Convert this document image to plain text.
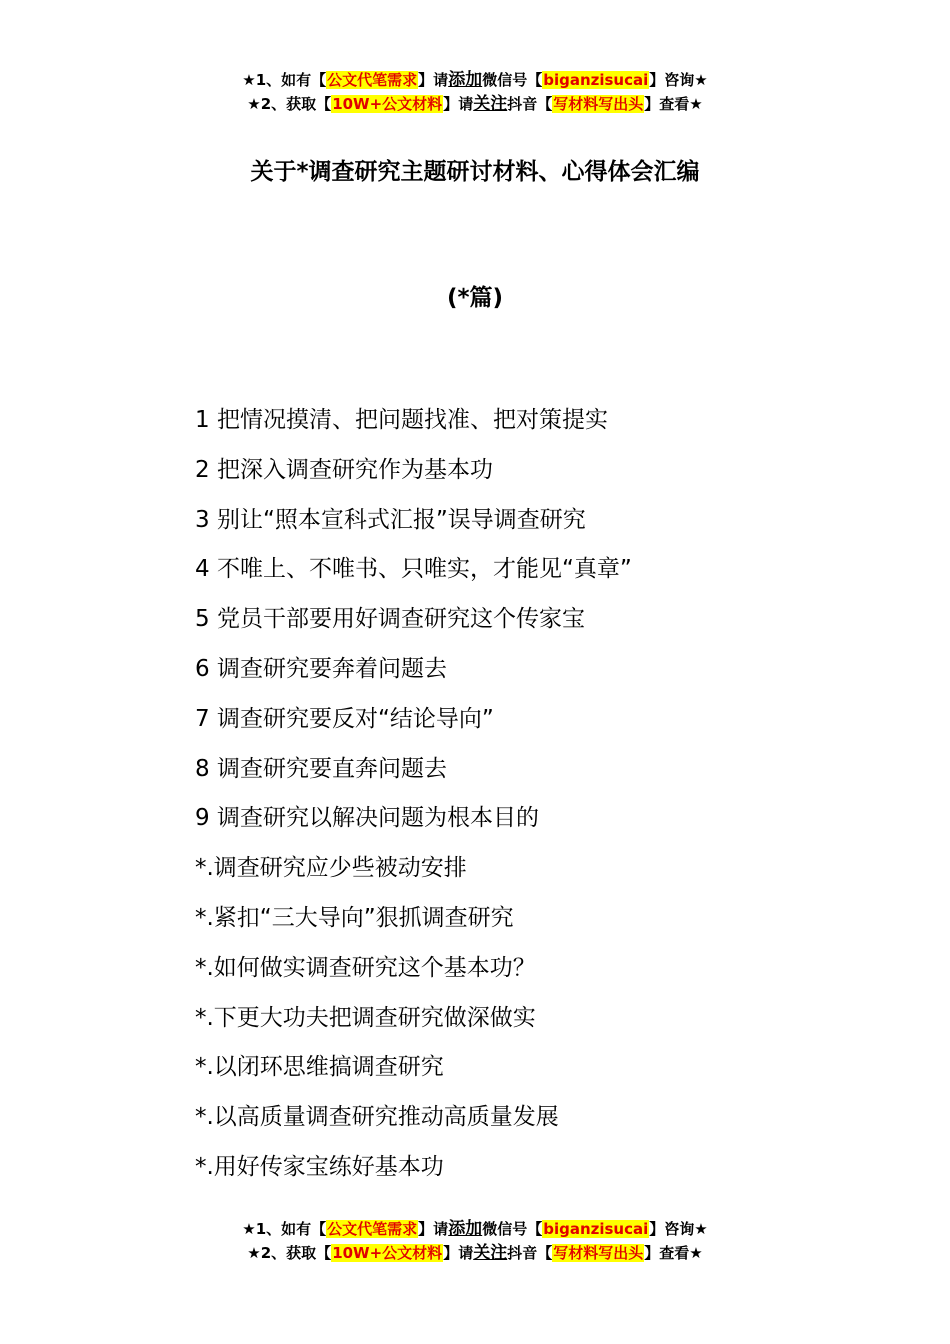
★1、如有【公文代笔需求】请添加微信号【biganzisucai】咨询★
★2、获取【10W+公文材料】请关注抖音【写材料写出头】查看★
关于*调查研究主题研讨材料、心得体会汇编
(*篇)
1 把情况摸清、把问题找准、把对策提实
2 把深入调查研究作为基本功
3 别让“照本宣科式汇报”误导调查研究
4 不唯上、不唯书、只唯实，才能见“真章”
5 党员干部要用好调查研究这个传家宝
6 调查研究要奔着问题去
7 调查研究要反对“结论导向”
8 调查研究要直奔问题去
9 调查研究以解决问题为根本目的
*.调查研究应少些被动安排
*.紧扣“三大导向”狠抓调查研究
*.如何做实调查研究这个基本功？
*.下更大功夫把调查研究做深做实
*.以闭环思维搞调查研究
*.以高质量调查研究推动高质量发展
*.用好传家宝练好基本功
★1、如有【公文代笔需求】请添加微信号【biganzisucai】咨询★
★2、获取【10W+公文材料】请关注抖音【写材料写出头】查看★
